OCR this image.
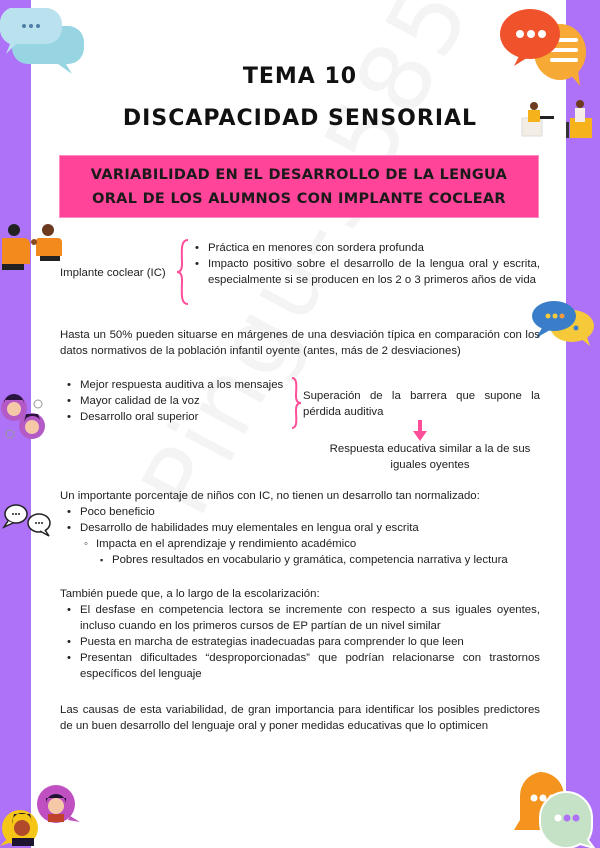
TEMA 10
DISCAPACIDAD SENSORIAL
VARIABILIDAD EN EL DESARROLLO DE LA LENGUA
ORAL DE LOS ALUMNOS CON IMPLANTE COCLEAR
Implante coclear (IC)
• Práctica en menores con sordera profunda
• Impacto positivo sobre el desarrollo de la lengua oral y escrita, especialmente si se producen en los 2 o 3 primeros años de vida
Hasta un 50% pueden situarse en márgenes de una desviación típica en comparación con los datos normativos de la población infantil oyente (antes, más de 2 desviaciones)
• Mejor respuesta auditiva a los mensajes
• Mayor calidad de la voz
• Desarrollo oral superior
Superación de la barrera que supone la pérdida auditiva
Respuesta educativa similar a la de sus
iguales oyentes
Un importante porcentaje de niños con IC, no tienen un desarrollo tan normalizado:
• Poco beneficio
• Desarrollo de habilidades muy elementales en lengua oral y escrita
◦ Impacta en el aprendizaje y rendimiento académico
▪ Pobres resultados en vocabulario y gramática, competencia narrativa y lectura
También puede que, a lo largo de la escolarización:
• El desfase en competencia lectora se incremente con respecto a sus iguales oyentes, incluso cuando en los primeros cursos de EP partían de un nivel similar
• Puesta en marcha de estrategias inadecuadas para comprender lo que leen
• Presentan dificultades “desproporcionadas” que podrían relacionarse con trastornos específicos del lenguaje
Las causas de esta variabilidad, de gran importancia para identificar los posibles predictores de un buen desarrollo del lenguaje oral y poner medidas educativas que lo optimicen
